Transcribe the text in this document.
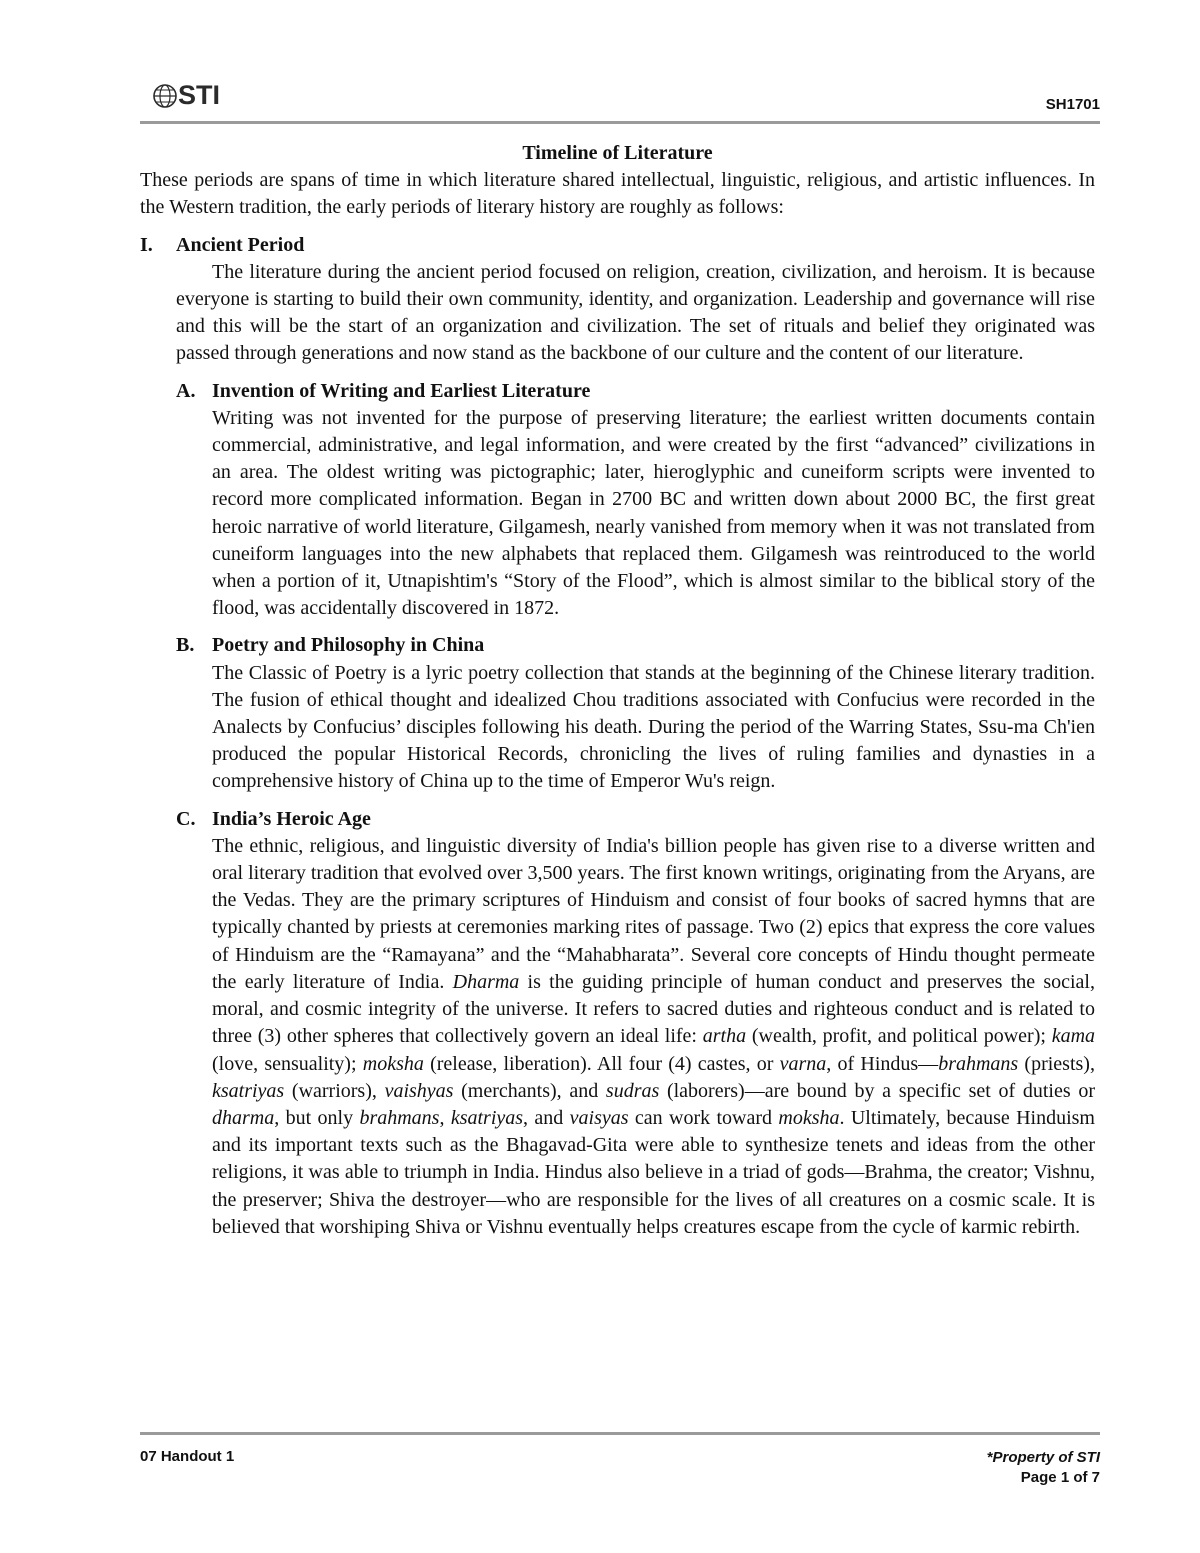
STI	SH1701

Timeline of Literature

These periods are spans of time in which literature shared intellectual, linguistic, religious, and artistic influences. In the Western tradition, the early periods of literary history are roughly as follows:

I.	Ancient Period

The literature during the ancient period focused on religion, creation, civilization, and heroism. It is because everyone is starting to build their own community, identity, and organization. Leadership and governance will rise and this will be the start of an organization and civilization. The set of rituals and belief they originated was passed through generations and now stand as the backbone of our culture and the content of our literature.

A. Invention of Writing and Earliest Literature

Writing was not invented for the purpose of preserving literature; the earliest written documents contain commercial, administrative, and legal information, and were created by the first “advanced” civilizations in an area. The oldest writing was pictographic; later, hieroglyphic and cuneiform scripts were invented to record more complicated information. Began in 2700 BC and written down about 2000 BC, the first great heroic narrative of world literature, Gilgamesh, nearly vanished from memory when it was not translated from cuneiform languages into the new alphabets that replaced them. Gilgamesh was reintroduced to the world when a portion of it, Utnapishtim's “Story of the Flood”, which is almost similar to the biblical story of the flood, was accidentally discovered in 1872.

B. Poetry and Philosophy in China

The Classic of Poetry is a lyric poetry collection that stands at the beginning of the Chinese literary tradition. The fusion of ethical thought and idealized Chou traditions associated with Confucius were recorded in the Analects by Confucius’ disciples following his death. During the period of the Warring States, Ssu-ma Ch'ien produced the popular Historical Records, chronicling the lives of ruling families and dynasties in a comprehensive history of China up to the time of Emperor Wu's reign.

C. India’s Heroic Age

The ethnic, religious, and linguistic diversity of India's billion people has given rise to a diverse written and oral literary tradition that evolved over 3,500 years. The first known writings, originating from the Aryans, are the Vedas. They are the primary scriptures of Hinduism and consist of four books of sacred hymns that are typically chanted by priests at ceremonies marking rites of passage. Two (2) epics that express the core values of Hinduism are the “Ramayana” and the “Mahabharata”. Several core concepts of Hindu thought permeate the early literature of India. Dharma is the guiding principle of human conduct and preserves the social, moral, and cosmic integrity of the universe. It refers to sacred duties and righteous conduct and is related to three (3) other spheres that collectively govern an ideal life: artha (wealth, profit, and political power); kama (love, sensuality); moksha (release, liberation). All four (4) castes, or varna, of Hindus—brahmans (priests), ksatriyas (warriors), vaishyas (merchants), and sudras (laborers)—are bound by a specific set of duties or dharma, but only brahmans, ksatriyas, and vaisyas can work toward moksha. Ultimately, because Hinduism and its important texts such as the Bhagavad-Gita were able to synthesize tenets and ideas from the other religions, it was able to triumph in India. Hindus also believe in a triad of gods—Brahma, the creator; Vishnu, the preserver; Shiva the destroyer—who are responsible for the lives of all creatures on a cosmic scale. It is believed that worshiping Shiva or Vishnu eventually helps creatures escape from the cycle of karmic rebirth.

07 Handout 1	*Property of STI
Page 1 of 7
